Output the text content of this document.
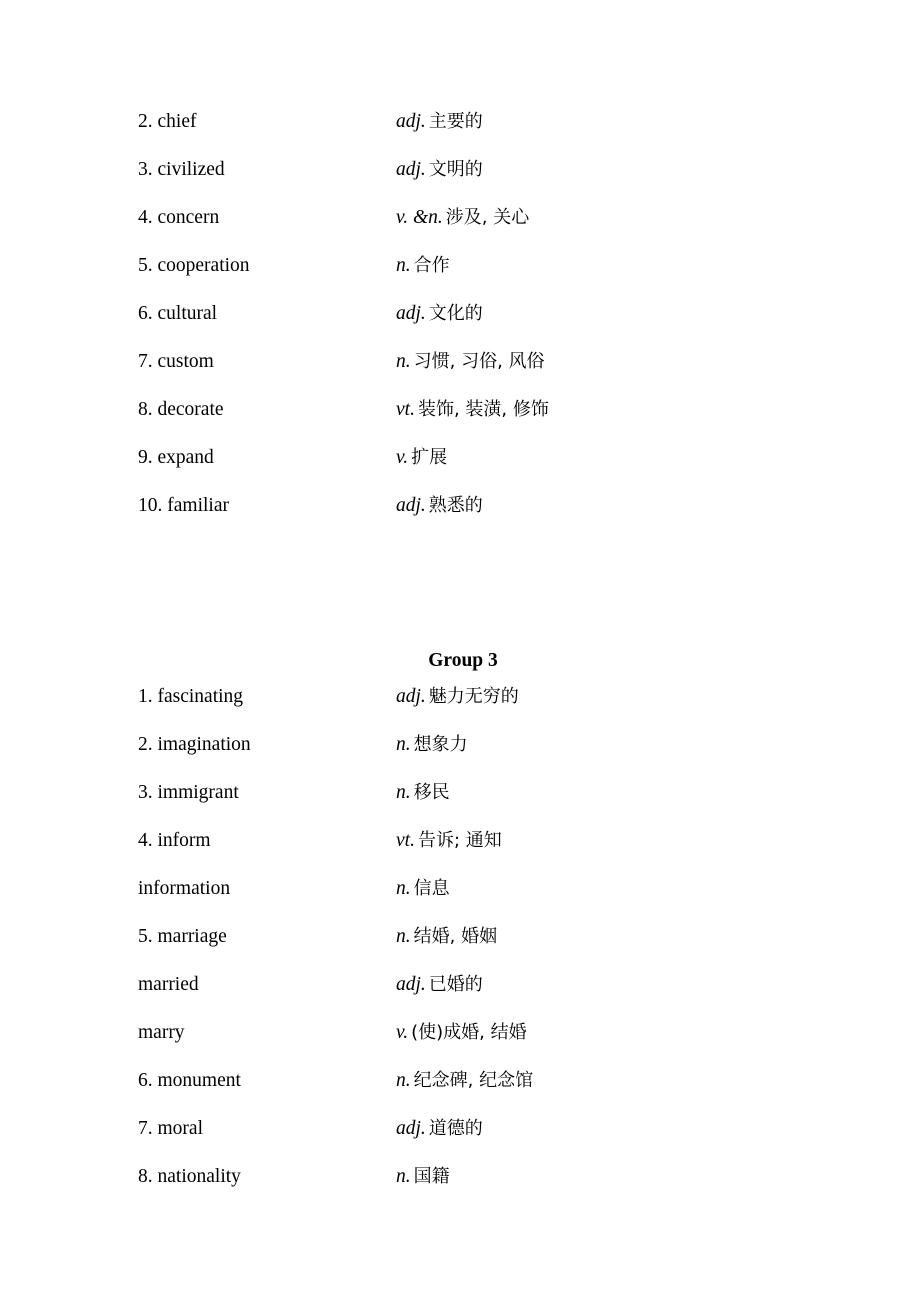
2. chief	adj. 主要的
3. civilized	adj. 文明的
4. concern	v. &n. 涉及, 关心
5. cooperation	n. 合作
6. cultural	adj. 文化的
7. custom	n. 习惯, 习俗, 风俗
8. decorate	vt. 装饰, 装潢, 修饰
9. expand	v. 扩展
10. familiar	adj. 熟悉的
Group 3
1. fascinating	adj. 魅力无穷的
2. imagination	n. 想象力
3. immigrant	n. 移民
4. inform	vt. 告诉; 通知
information	n. 信息
5. marriage	n. 结婚, 婚姻
married	adj. 已婚的
marry	v. (使)成婚, 结婚
6. monument	n. 纪念碑, 纪念馆
7. moral	adj. 道德的
8. nationality	n. 国籍
